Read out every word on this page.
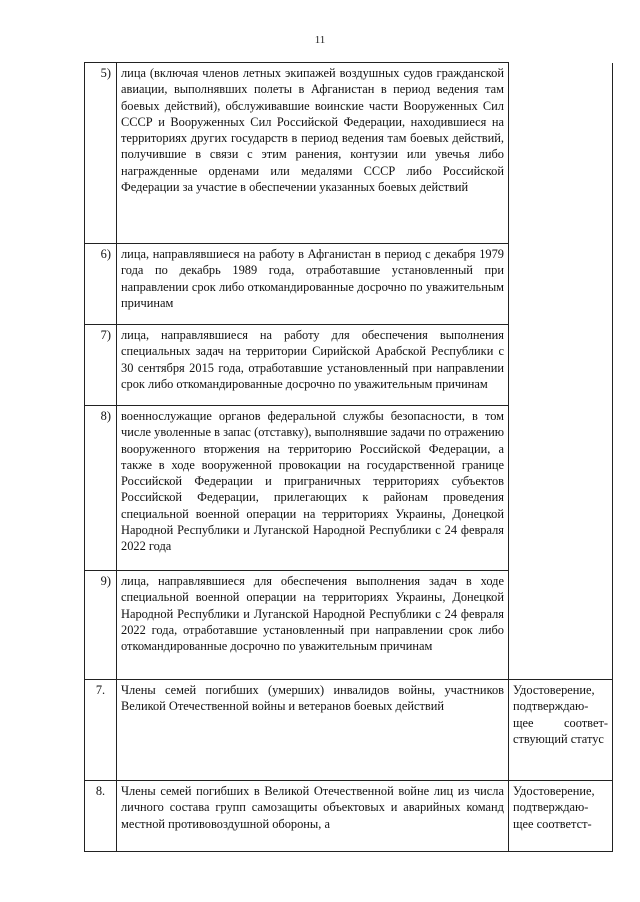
11
5)	лица (включая членов летных экипажей воздушных судов гражданской авиации, выполнявших полеты в Афганистан в период ведения там боевых действий), обслуживавшие воинские части Вооруженных Сил СССР и Вооруженных Сил Российской Федерации, находившиеся на территориях других государств в период ведения там боевых действий, получившие в связи с этим ранения, контузии или увечья либо награжденные орденами или медалями СССР либо Российской Федерации за участие в обеспечении указанных боевых действий	
6)	лица, направлявшиеся на работу в Афганистан в период с декабря 1979 года по декабрь 1989 года, отработавшие установленный при направлении срок либо откомандированные досрочно по уважительным причинам	
7)	лица, направлявшиеся на работу для обеспечения выполнения специальных задач на территории Сирийской Арабской Республики с 30 сентября 2015 года, отработавшие установленный при направлении срок либо откомандированные досрочно по уважительным причинам	
8)	военнослужащие органов федеральной службы безопасности, в том числе уволенные в запас (отставку), выполнявшие задачи по отражению вооруженного вторжения на территорию Российской Федерации, а также в ходе вооруженной провокации на государственной границе Российской Федерации и приграничных территориях субъектов Российской Федерации, прилегающих к районам проведения специальной военной операции на территориях Украины, Донецкой Народной Республики и Луганской Народной Республики с 24 февраля 2022 года	
9)	лица, направлявшиеся для обеспечения выполнения задач в ходе специальной военной операции на территориях Украины, Донецкой Народной Республики и Луганской Народной Республики с 24 февраля 2022 года, отработавшие установленный при направлении срок либо откомандированные досрочно по уважительным причинам	
7.	Члены семей погибших (умерших) инвалидов войны, участников Великой Отечественной войны и ветеранов боевых действий	Удостоверение, подтверждаю-щее соответ-ствующий статус
8.	Члены семей погибших в Великой Отечественной войне лиц из числа личного состава групп самозащиты объектовых и аварийных команд местной противовоздушной обороны, а	Удостоверение, подтверждаю-щее соответст-
